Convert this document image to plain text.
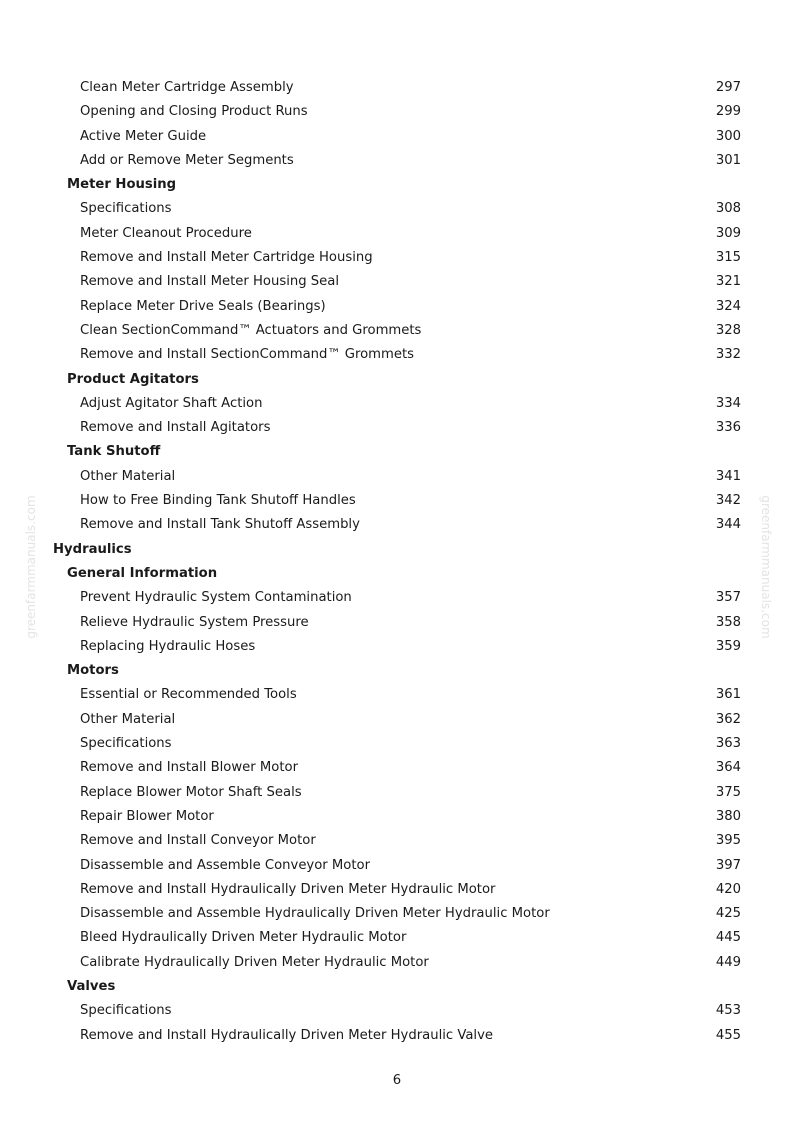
greenfarmmanuals.com	greenfarmmanuals.com
Clean Meter Cartridge Assembly	297
Opening and Closing Product Runs	299
Active Meter Guide	300
Add or Remove Meter Segments	301
Meter Housing
Specifications	308
Meter Cleanout Procedure	309
Remove and Install Meter Cartridge Housing	315
Remove and Install Meter Housing Seal	321
Replace Meter Drive Seals (Bearings)	324
Clean SectionCommand™ Actuators and Grommets	328
Remove and Install SectionCommand™ Grommets	332
Product Agitators
Adjust Agitator Shaft Action	334
Remove and Install Agitators	336
Tank Shutoff
Other Material	341
How to Free Binding Tank Shutoff Handles	342
Remove and Install Tank Shutoff Assembly	344
Hydraulics
General Information
Prevent Hydraulic System Contamination	357
Relieve Hydraulic System Pressure	358
Replacing Hydraulic Hoses	359
Motors
Essential or Recommended Tools	361
Other Material	362
Specifications	363
Remove and Install Blower Motor	364
Replace Blower Motor Shaft Seals	375
Repair Blower Motor	380
Remove and Install Conveyor Motor	395
Disassemble and Assemble Conveyor Motor	397
Remove and Install Hydraulically Driven Meter Hydraulic Motor	420
Disassemble and Assemble Hydraulically Driven Meter Hydraulic Motor	425
Bleed Hydraulically Driven Meter Hydraulic Motor	445
Calibrate Hydraulically Driven Meter Hydraulic Motor	449
Valves
Specifications	453
Remove and Install Hydraulically Driven Meter Hydraulic Valve	455
6
